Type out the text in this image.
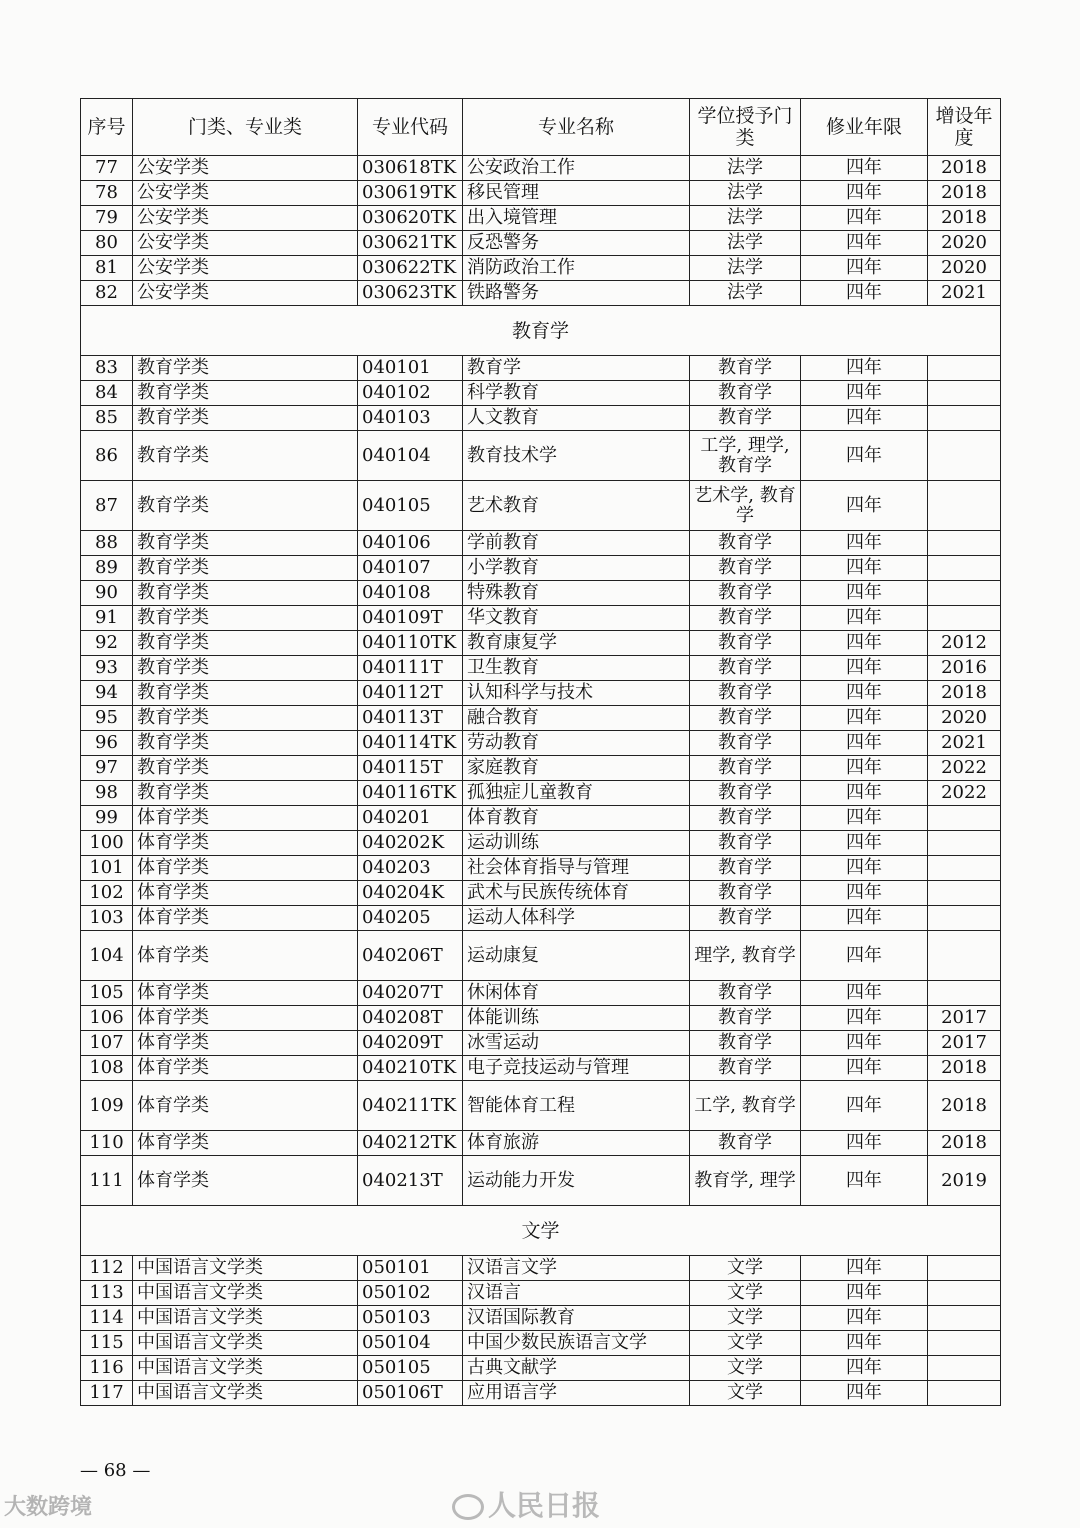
序号	门类、专业类	专业代码	专业名称	学位授予门类	修业年限	增设年度
77	公安学类	030618TK	公安政治工作	法学	四年	2018
78	公安学类	030619TK	移民管理	法学	四年	2018
79	公安学类	030620TK	出入境管理	法学	四年	2018
80	公安学类	030621TK	反恐警务	法学	四年	2020
81	公安学类	030622TK	消防政治工作	法学	四年	2020
82	公安学类	030623TK	铁路警务	法学	四年	2021
教育学						
83	教育学类	040101	教育学	教育学	四年	
84	教育学类	040102	科学教育	教育学	四年	
85	教育学类	040103	人文教育	教育学	四年	
86	教育学类	040104	教育技术学	工学, 理学, 教育学	四年	
87	教育学类	040105	艺术教育	艺术学, 教育学	四年	
88	教育学类	040106	学前教育	教育学	四年	
89	教育学类	040107	小学教育	教育学	四年	
90	教育学类	040108	特殊教育	教育学	四年	
91	教育学类	040109T	华文教育	教育学	四年	
92	教育学类	040110TK	教育康复学	教育学	四年	2012
93	教育学类	040111T	卫生教育	教育学	四年	2016
94	教育学类	040112T	认知科学与技术	教育学	四年	2018
95	教育学类	040113T	融合教育	教育学	四年	2020
96	教育学类	040114TK	劳动教育	教育学	四年	2021
97	教育学类	040115T	家庭教育	教育学	四年	2022
98	教育学类	040116TK	孤独症儿童教育	教育学	四年	2022
99	体育学类	040201	体育教育	教育学	四年	
100	体育学类	040202K	运动训练	教育学	四年	
101	体育学类	040203	社会体育指导与管理	教育学	四年	
102	体育学类	040204K	武术与民族传统体育	教育学	四年	
103	体育学类	040205	运动人体科学	教育学	四年	
104	体育学类	040206T	运动康复	理学, 教育学	四年	
105	体育学类	040207T	休闲体育	教育学	四年	
106	体育学类	040208T	体能训练	教育学	四年	2017
107	体育学类	040209T	冰雪运动	教育学	四年	2017
108	体育学类	040210TK	电子竞技运动与管理	教育学	四年	2018
109	体育学类	040211TK	智能体育工程	工学, 教育学	四年	2018
110	体育学类	040212TK	体育旅游	教育学	四年	2018
111	体育学类	040213T	运动能力开发	教育学, 理学	四年	2019
文学						
112	中国语言文学类	050101	汉语言文学	文学	四年	
113	中国语言文学类	050102	汉语言	文学	四年	
114	中国语言文学类	050103	汉语国际教育	文学	四年	
115	中国语言文学类	050104	中国少数民族语言文学	文学	四年	
116	中国语言文学类	050105	古典文献学	文学	四年	
117	中国语言文学类	050106T	应用语言学	文学	四年	
— 68 —
大数跨境	人民日报
